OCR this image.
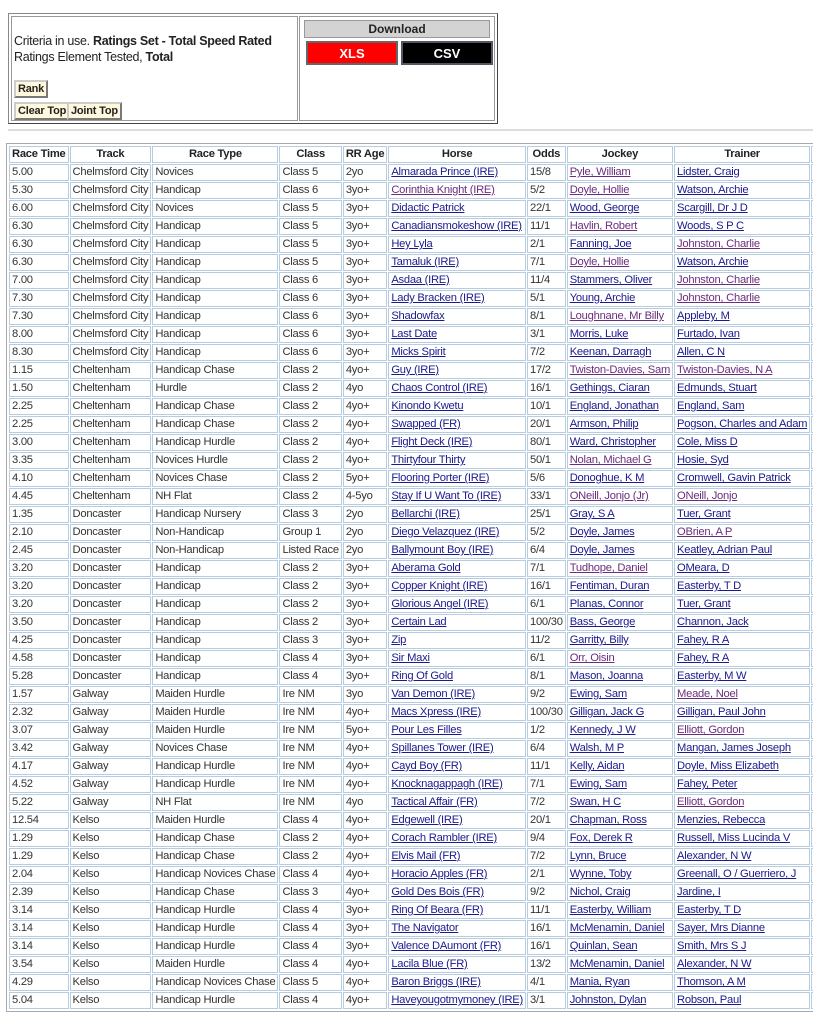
Criteria in use. Ratings Set - Total Speed Rated
Ratings Element Tested, Total
Rank
Clear Top Joint Top
Download
XLS	CSV
Race Time	Track	Race Type	Class	RR Age	Horse	Odds	Jockey	Trainer	
5.00	Chelmsford City	Novices	Class 5	2yo	Almarada Prince (IRE)	15/8	Pyle, William	Lidster, Craig	
5.30	Chelmsford City	Handicap	Class 6	3yo+	Corinthia Knight (IRE)	5/2	Doyle, Hollie	Watson, Archie	
6.00	Chelmsford City	Novices	Class 5	3yo+	Didactic Patrick	22/1	Wood, George	Scargill, Dr J D	
6.30	Chelmsford City	Handicap	Class 5	3yo+	Canadiansmokeshow (IRE)	11/1	Havlin, Robert	Woods, S P C	
6.30	Chelmsford City	Handicap	Class 5	3yo+	Hey Lyla	2/1	Fanning, Joe	Johnston, Charlie	
6.30	Chelmsford City	Handicap	Class 5	3yo+	Tamaluk (IRE)	7/1	Doyle, Hollie	Watson, Archie	
7.00	Chelmsford City	Handicap	Class 6	3yo+	Asdaa (IRE)	11/4	Stammers, Oliver	Johnston, Charlie	
7.30	Chelmsford City	Handicap	Class 6	3yo+	Lady Bracken (IRE)	5/1	Young, Archie	Johnston, Charlie	
7.30	Chelmsford City	Handicap	Class 6	3yo+	Shadowfax	8/1	Loughnane, Mr Billy	Appleby, M	
8.00	Chelmsford City	Handicap	Class 6	3yo+	Last Date	3/1	Morris, Luke	Furtado, Ivan	
8.30	Chelmsford City	Handicap	Class 6	3yo+	Micks Spirit	7/2	Keenan, Darragh	Allen, C N	
1.15	Cheltenham	Handicap Chase	Class 2	4yo+	Guy (IRE)	17/2	Twiston-Davies, Sam	Twiston-Davies, N A	
1.50	Cheltenham	Hurdle	Class 2	4yo	Chaos Control (IRE)	16/1	Gethings, Ciaran	Edmunds, Stuart	
2.25	Cheltenham	Handicap Chase	Class 2	4yo+	Kinondo Kwetu	10/1	England, Jonathan	England, Sam	
2.25	Cheltenham	Handicap Chase	Class 2	4yo+	Swapped (FR)	20/1	Armson, Philip	Pogson, Charles and Adam	
3.00	Cheltenham	Handicap Hurdle	Class 2	4yo+	Flight Deck (IRE)	80/1	Ward, Christopher	Cole, Miss D	
3.35	Cheltenham	Novices Hurdle	Class 2	4yo+	Thirtyfour Thirty	50/1	Nolan, Michael G	Hosie, Syd	
4.10	Cheltenham	Novices Chase	Class 2	5yo+	Flooring Porter (IRE)	5/6	Donoghue, K M	Cromwell, Gavin Patrick	
4.45	Cheltenham	NH Flat	Class 2	4-5yo	Stay If U Want To (IRE)	33/1	ONeill, Jonjo (Jr)	ONeill, Jonjo	
1.35	Doncaster	Handicap Nursery	Class 3	2yo	Bellarchi (IRE)	25/1	Gray, S A	Tuer, Grant	
2.10	Doncaster	Non-Handicap	Group 1	2yo	Diego Velazquez (IRE)	5/2	Doyle, James	OBrien, A P	
2.45	Doncaster	Non-Handicap	Listed Race	2yo	Ballymount Boy (IRE)	6/4	Doyle, James	Keatley, Adrian Paul	
3.20	Doncaster	Handicap	Class 2	3yo+	Aberama Gold	7/1	Tudhope, Daniel	OMeara, D	
3.20	Doncaster	Handicap	Class 2	3yo+	Copper Knight (IRE)	16/1	Fentiman, Duran	Easterby, T D	
3.20	Doncaster	Handicap	Class 2	3yo+	Glorious Angel (IRE)	6/1	Planas, Connor	Tuer, Grant	
3.50	Doncaster	Handicap	Class 2	3yo+	Certain Lad	100/30	Bass, George	Channon, Jack	
4.25	Doncaster	Handicap	Class 3	3yo+	Zip	11/2	Garritty, Billy	Fahey, R A	
4.58	Doncaster	Handicap	Class 4	3yo+	Sir Maxi	6/1	Orr, Oisin	Fahey, R A	
5.28	Doncaster	Handicap	Class 4	3yo+	Ring Of Gold	8/1	Mason, Joanna	Easterby, M W	
1.57	Galway	Maiden Hurdle	Ire NM	3yo	Van Demon (IRE)	9/2	Ewing, Sam	Meade, Noel	
2.32	Galway	Maiden Hurdle	Ire NM	4yo+	Macs Xpress (IRE)	100/30	Gilligan, Jack G	Gilligan, Paul John	
3.07	Galway	Maiden Hurdle	Ire NM	5yo+	Pour Les Filles	1/2	Kennedy, J W	Elliott, Gordon	
3.42	Galway	Novices Chase	Ire NM	4yo+	Spillanes Tower (IRE)	6/4	Walsh, M P	Mangan, James Joseph	
4.17	Galway	Handicap Hurdle	Ire NM	4yo+	Cayd Boy (FR)	11/1	Kelly, Aidan	Doyle, Miss Elizabeth	
4.52	Galway	Handicap Hurdle	Ire NM	4yo+	Knocknagappagh (IRE)	7/1	Ewing, Sam	Fahey, Peter	
5.22	Galway	NH Flat	Ire NM	4yo	Tactical Affair (FR)	7/2	Swan, H C	Elliott, Gordon	
12.54	Kelso	Maiden Hurdle	Class 4	4yo+	Edgewell (IRE)	20/1	Chapman, Ross	Menzies, Rebecca	
1.29	Kelso	Handicap Chase	Class 2	4yo+	Corach Rambler (IRE)	9/4	Fox, Derek R	Russell, Miss Lucinda V	
1.29	Kelso	Handicap Chase	Class 2	4yo+	Elvis Mail (FR)	7/2	Lynn, Bruce	Alexander, N W	
2.04	Kelso	Handicap Novices Chase	Class 4	4yo+	Horacio Apples (FR)	2/1	Wynne, Toby	Greenall, O / Guerriero, J	
2.39	Kelso	Handicap Chase	Class 3	4yo+	Gold Des Bois (FR)	9/2	Nichol, Craig	Jardine, I	
3.14	Kelso	Handicap Hurdle	Class 4	3yo+	Ring Of Beara (FR)	11/1	Easterby, William	Easterby, T D	
3.14	Kelso	Handicap Hurdle	Class 4	3yo+	The Navigator	16/1	McMenamin, Daniel	Sayer, Mrs Dianne	
3.14	Kelso	Handicap Hurdle	Class 4	3yo+	Valence DAumont (FR)	16/1	Quinlan, Sean	Smith, Mrs S J	
3.54	Kelso	Maiden Hurdle	Class 4	4yo+	Lacila Blue (FR)	13/2	McMenamin, Daniel	Alexander, N W	
4.29	Kelso	Handicap Novices Chase	Class 5	4yo+	Baron Briggs (IRE)	4/1	Mania, Ryan	Thomson, A M	
5.04	Kelso	Handicap Hurdle	Class 4	4yo+	Haveyougotmymoney (IRE)	3/1	Johnston, Dylan	Robson, Paul	
